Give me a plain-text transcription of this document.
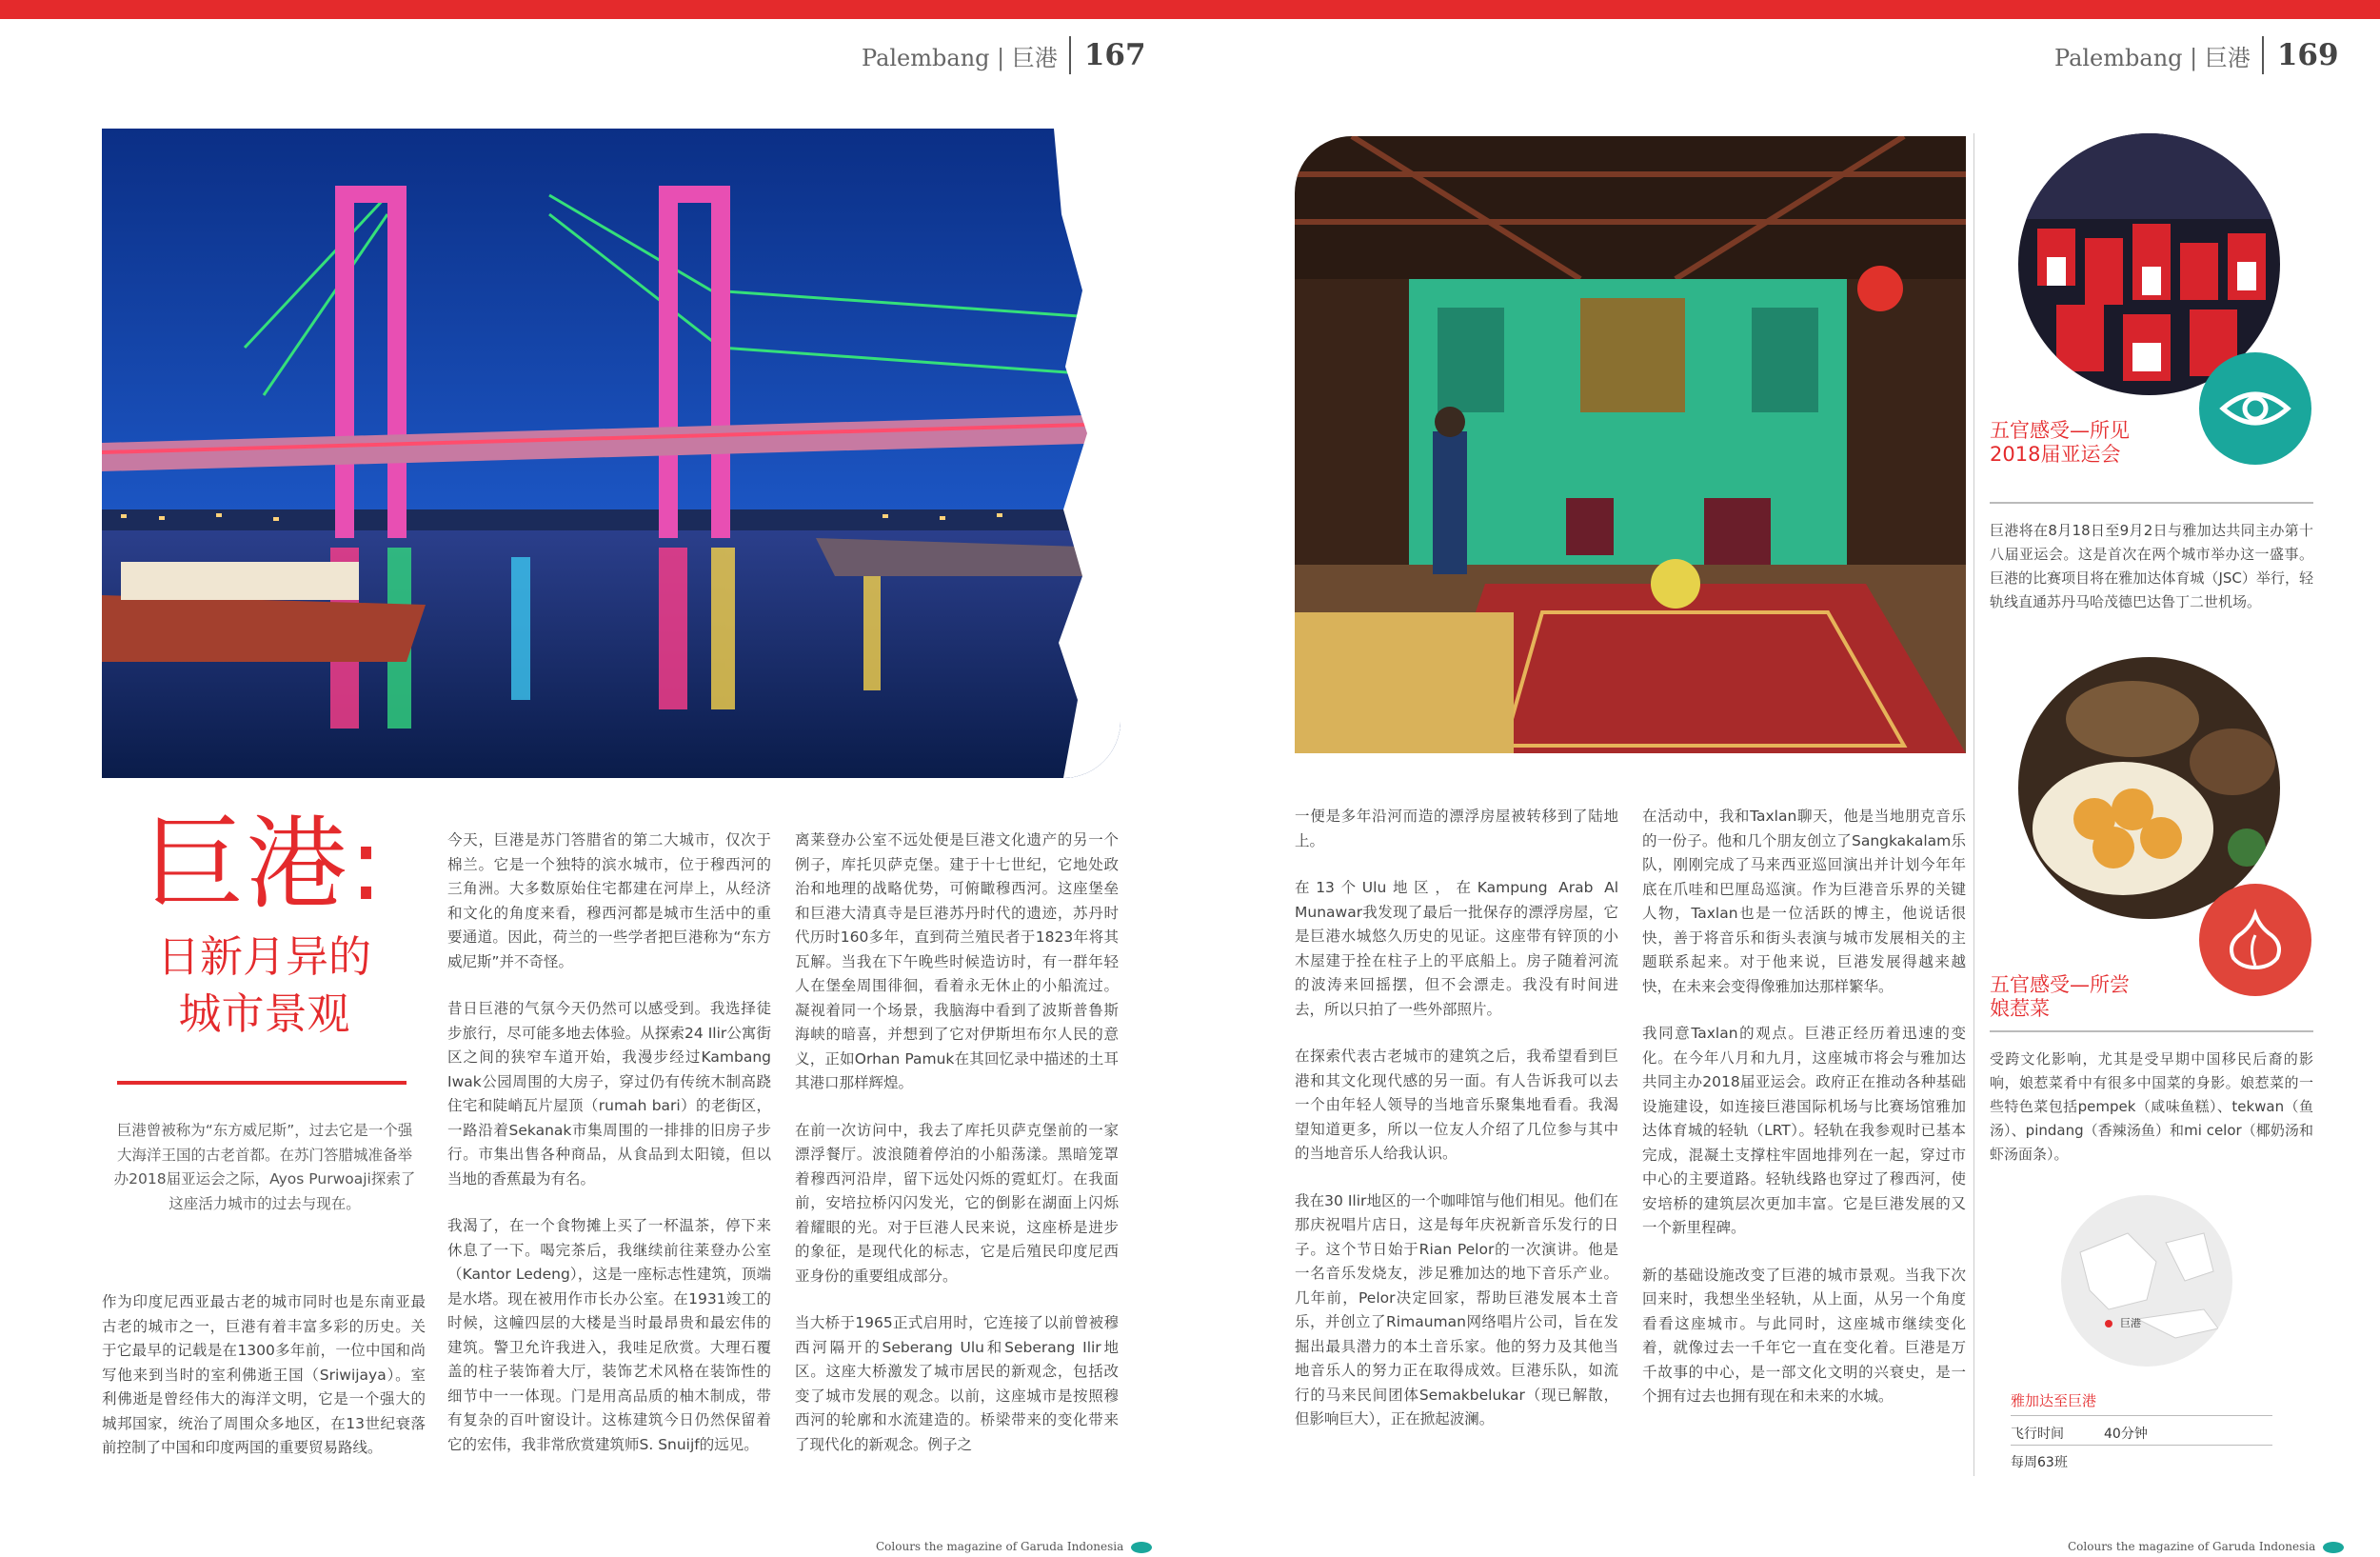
Palembang | 巨港 167	Palembang | 巨港 169
巨港:
日新月异的
城市景观
巨港曾被称为“东方威尼斯”，过去它是一个强大海洋王国的古老首都。在苏门答腊城准备举办2018届亚运会之际，Ayos Purwoaji探索了这座活力城市的过去与现在。

作为印度尼西亚最古老的城市同时也是东南亚最古老的城市之一，巨港有着丰富多彩的历史。关于它最早的记载是在1300多年前，一位中国和尚写他来到当时的室利佛逝王国（Sriwijaya）。室利佛逝是曾经伟大的海洋文明，它是一个强大的城邦国家，统治了周围众多地区，在13世纪衰落前控制了中国和印度两国的重要贸易路线。

今天，巨港是苏门答腊省的第二大城市，仅次于棉兰。它是一个独特的滨水城市，位于穆西河的三角洲。大多数原始住宅都建在河岸上，从经济和文化的角度来看，穆西河都是城市生活中的重要通道。因此，荷兰的一些学者把巨港称为“东方威尼斯”并不奇怪。

昔日巨港的气氛今天仍然可以感受到。我选择徒步旅行，尽可能多地去体验。从探索24 Ilir公寓街区之间的狭窄车道开始，我漫步经过Kambang Iwak公园周围的大房子，穿过仍有传统木制高跷住宅和陡峭瓦片屋顶（rumah bari）的老街区，一路沿着Sekanak市集周围的一排排的旧房子步行。市集出售各种商品，从食品到太阳镜，但以当地的香蕉最为有名。

我渴了，在一个食物摊上买了一杯温茶，停下来休息了一下。喝完茶后，我继续前往莱登办公室（Kantor Ledeng），这是一座标志性建筑，顶端是水塔。现在被用作市长办公室。在1931竣工的时候，这幢四层的大楼是当时最昂贵和最宏伟的建筑。警卫允许我进入，我哇足欣赏。大理石覆盖的柱子装饰着大厅，装饰艺术风格在装饰性的细节中一一体现。门是用高品质的柚木制成，带有复杂的百叶窗设计。这栋建筑今日仍然保留着它的宏伟，我非常欣赏建筑师S. Snuijf的远见。

离莱登办公室不远处便是巨港文化遗产的另一个例子，库托贝萨克堡。建于十七世纪，它地处政治和地理的战略优势，可俯瞰穆西河。这座堡垒和巨港大清真寺是巨港苏丹时代的遗迹，苏丹时代历时160多年，直到荷兰殖民者于1823年将其瓦解。当我在下午晚些时候造访时，有一群年轻人在堡垒周围徘徊，看着永无休止的小船流过。凝视着同一个场景，我脑海中看到了波斯普鲁斯海峡的暗喜，并想到了它对伊斯坦布尔人民的意义，正如Orhan Pamuk在其回忆录中描述的土耳其港口那样辉煌。

在前一次访问中，我去了库托贝萨克堡前的一家漂浮餐厅。波浪随着停泊的小船荡漾。黑暗笼罩着穆西河沿岸，留下远处闪烁的霓虹灯。在我面前，安培拉桥闪闪发光，它的倒影在湖面上闪烁着耀眼的光。对于巨港人民来说，这座桥是进步的象征，是现代化的标志，它是后殖民印度尼西亚身份的重要组成部分。

当大桥于1965正式启用时，它连接了以前曾被穆西河隔开的Seberang Ulu和Seberang Ilir地区。这座大桥激发了城市居民的新观念，包括改变了城市发展的观念。以前，这座城市是按照穆西河的轮廓和水流建造的。桥梁带来的变化带来了现代化的新观念。例子之

一便是多年沿河而造的漂浮房屋被转移到了陆地上。

在13个Ulu地区，在Kampung Arab Al Munawar我发现了最后一批保存的漂浮房屋，它是巨港水城悠久历史的见证。这座带有锌顶的小木屋建于拴在柱子上的平底船上。房子随着河流的波涛来回摇摆，但不会漂走。我没有时间进去，所以只拍了一些外部照片。

在探索代表古老城市的建筑之后，我希望看到巨港和其文化现代感的另一面。有人告诉我可以去一个由年轻人领导的当地音乐聚集地看看。我渴望知道更多，所以一位友人介绍了几位参与其中的当地音乐人给我认识。

我在30 Ilir地区的一个咖啡馆与他们相见。他们在那庆祝唱片店日，这是每年庆祝新音乐发行的日子。这个节日始于Rian Pelor的一次演讲。他是一名音乐发烧友，涉足雅加达的地下音乐产业。几年前，Pelor决定回家，帮助巨港发展本土音乐，并创立了Rimauman网络唱片公司，旨在发掘出最具潜力的本土音乐家。他的努力及其他当地音乐人的努力正在取得成效。巨港乐队，如流行的马来民间团体Semakbelukar（现已解散，但影响巨大），正在掀起波澜。

在活动中，我和Taxlan聊天，他是当地朋克音乐的一份子。他和几个朋友创立了Sangkakalam乐队，刚刚完成了马来西亚巡回演出并计划今年年底在爪哇和巴厘岛巡演。作为巨港音乐界的关键人物，Taxlan也是一位活跃的博主，他说话很快，善于将音乐和街头表演与城市发展相关的主题联系起来。对于他来说，巨港发展得越来越快，在未来会变得像雅加达那样繁华。

我同意Taxlan的观点。巨港正经历着迅速的变化。在今年八月和九月，这座城市将会与雅加达共同主办2018届亚运会。政府正在推动各种基础设施建设，如连接巨港国际机场与比赛场馆雅加达体育城的轻轨（LRT）。轻轨在我参观时已基本完成，混凝土支撑柱牢固地排列在一起，穿过市中心的主要道路。轻轨线路也穿过了穆西河，使安培桥的建筑层次更加丰富。它是巨港发展的又一个新里程碑。

新的基础设施改变了巨港的城市景观。当我下次回来时，我想坐坐轻轨，从上面，从另一个角度看看这座城市。与此同时，这座城市继续变化着，就像过去一千年它一直在变化着。巨港是万千故事的中心，是一部文化文明的兴衰史，是一个拥有过去也拥有现在和未来的水城。

五官感受—所见
2018届亚运会
巨港将在8月18日至9月2日与雅加达共同主办第十八届亚运会。这是首次在两个城市举办这一盛事。巨港的比赛项目将在雅加达体育城（JSC）举行，轻轨线直通苏丹马哈茂德巴达鲁丁二世机场。
五官感受—所尝
娘惹菜
受跨文化影响，尤其是受早期中国移民后裔的影响，娘惹菜肴中有很多中国菜的身影。娘惹菜的一些特色菜包括pempek（咸味鱼糕）、tekwan（鱼汤）、pindang（香辣汤鱼）和mi celor（椰奶汤和虾汤面条）。
巨港
雅加达至巨港
飞行时间	40分钟
每周63班
Colours the magazine of Garuda Indonesia	Colours the magazine of Garuda Indonesia
